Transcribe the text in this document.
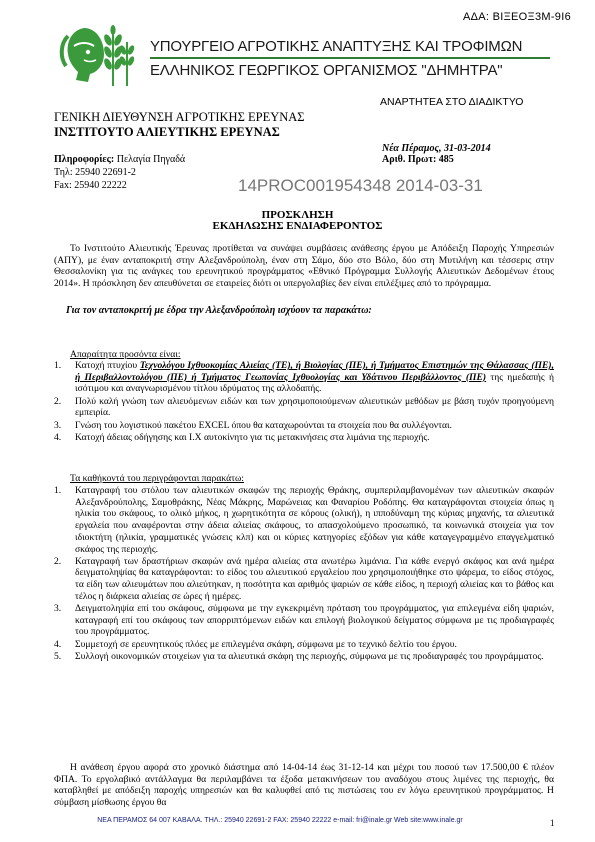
ΑΔΑ: ΒΙΞΕΟΞ3Μ-9Ι6
ΥΠΟΥΡΓΕΙΟ ΑΓΡΟΤΙΚΗΣ ΑΝΑΠΤΥΞΗΣ ΚΑΙ ΤΡΟΦΙΜΩΝ
ΕΛΛΗΝΙΚΟΣ ΓΕΩΡΓΙΚΟΣ ΟΡΓΑΝΙΣΜΟΣ "ΔΗΜΗΤΡΑ"
ΑΝΑΡΤΗΤΕΑ ΣΤΟ ΔΙΑΔΙΚΤΥΟ
ΓΕΝΙΚΗ ΔΙΕΥΘΥΝΣΗ ΑΓΡΟΤΙΚΗΣ ΕΡΕΥΝΑΣ
ΙΝΣΤΙΤΟΥΤΟ ΑΛΙΕΥΤΙΚΗΣ ΕΡΕΥΝΑΣ
Νέα Πέραμος, 31-03-2014
Αριθ. Πρωτ: 485
Πληροφορίες: Πελαγία Πηγαδά
Τηλ: 25940 22691-2
Fax: 25940 22222	14PROC001954348 2014-03-31
ΠΡΟΣΚΛΗΣΗ
ΕΚΔΗΛΩΣΗΣ ΕΝΔΙΑΦΕΡΟΝΤΟΣ
Το Ινστιτούτο Αλιευτικής Έρευνας προτίθεται να συνάψει συμβάσεις ανάθεσης έργου με Απόδειξη Παροχής Υπηρεσιών (ΑΠΥ), με έναν ανταποκριτή στην Αλεξανδρούπολη, έναν στη Σάμο, δύο στο Βόλο, δύο στη Μυτιλήνη και τέσσερις στην Θεσσαλονίκη για τις ανάγκες του ερευνητικού προγράμματος «Εθνικό Πρόγραμμα Συλλογής Αλιευτικών Δεδομένων έτους 2014». Η πρόσκληση δεν απευθύνεται σε εταιρείες διότι οι υπεργολαβίες δεν είναι επιλέξιμες από το πρόγραμμα.
Για τον ανταποκριτή με έδρα την Αλεξανδρούπολη ισχύουν τα παρακάτω:
Απαραίτητα προσόντα είναι:
1. Κατοχή πτυχίου Τεχνολόγου Ιχθυοκομίας Αλιείας (ΤΕ), ή Βιολογίας (ΠΕ), ή Τμήματος Επιστημών της Θάλασσας (ΠΕ), ή Περιβαλλοντολόγου (ΠΕ) ή Τμήματος Γεωπονίας Ιχθυολογίας και Υδάτινου Περιβάλλοντος (ΠΕ) της ημεδαπής ή ισότιμου και αναγνωρισμένου τίτλου ιδρύματος της αλλοδαπής.
2. Πολύ καλή γνώση των αλιευόμενων ειδών και των χρησιμοποιούμενων αλιευτικών μεθόδων με βάση τυχόν προηγούμενη εμπειρία.
3. Γνώση του λογιστικού πακέτου EXCEL όπου θα καταχωρούνται τα στοιχεία που θα συλλέγονται.
4. Κατοχή άδειας οδήγησης και Ι.Χ αυτοκίνητο για τις μετακινήσεις στα λιμάνια της περιοχής.
Τα καθήκοντά του περιγράφονται παρακάτω:
1. Καταγραφή του στόλου των αλιευτικών σκαφών της περιοχής Θράκης, συμπεριλαμβανομένων των αλιευτικών σκαφών Αλεξανδρούπολης, Σαμοθράκης, Νέας Μάκρης, Μαρώνειας και Φαναρίου Ροδόπης. Θα καταγράφονται στοιχεία όπως η ηλικία του σκάφους, το ολικό μήκος, η χωρητικότητα σε κόρους (ολική), η ιπποδύναμη της κύριας μηχανής, τα αλιευτικά εργαλεία που αναφέρονται στην άδεια αλιείας σκάφους, το απασχολούμενο προσωπικό, τα κοινωνικά στοιχεία για τον ιδιοκτήτη (ηλικία, γραμματικές γνώσεις κλπ) και οι κύριες κατηγορίες εξόδων για κάθε καταγεγραμμένο επαγγελματικό σκάφος της περιοχής.
2. Καταγραφή των δραστήριων σκαφών ανά ημέρα αλιείας στα ανωτέρω λιμάνια. Για κάθε ενεργό σκάφος και ανά ημέρα δειγματοληψίας θα καταγράφονται: το είδος του αλιευτικού εργαλείου που χρησιμοποιήθηκε στο ψάρεμα, το είδος στόχος, τα είδη των αλιευμάτων που αλιεύτηκαν, η ποσότητα και αριθμός ψαριών σε κάθε είδος, η περιοχή αλιείας και το βάθος και τέλος η διάρκεια αλιείας σε ώρες ή ημέρες.
3. Δειγματοληψία επί του σκάφους, σύμφωνα με την εγκεκριμένη πρόταση του προγράμματος, για επιλεγμένα είδη ψαριών, καταγραφή επί του σκάφους των απορριπτόμενων ειδών και επιλογή βιολογικού δείγματος σύμφωνα με τις προδιαγραφές του προγράμματος.
4. Συμμετοχή σε ερευνητικούς πλόες με επιλεγμένα σκάφη, σύμφωνα με το τεχνικό δελτίο του έργου.
5. Συλλογή οικονομικών στοιχείων για τα αλιευτικά σκάφη της περιοχής, σύμφωνα με τις προδιαγραφές του προγράμματος.
Η ανάθεση έργου αφορά στο χρονικό διάστημα από 14-04-14 έως 31-12-14 και μέχρι του ποσού των 17.500,00 € πλέον ΦΠΑ. Το εργολαβικό αντάλλαγμα θα περιλαμβάνει τα έξοδα μετακινήσεων του αναδόχου στους λιμένες της περιοχής, θα καταβληθεί με απόδειξη παροχής υπηρεσιών και θα καλυφθεί από τις πιστώσεις του εν λόγω ερευνητικού προγράμματος. Η σύμβαση μίσθωσης έργου θα
ΝΕΑ ΠΕΡΑΜΟΣ 64 007 ΚΑΒΑΛΑ. ΤΗΛ.: 25940 22691-2 FAX: 25940 22222 e-mail: fri@inale.gr Web site:www.inale.gr	1
